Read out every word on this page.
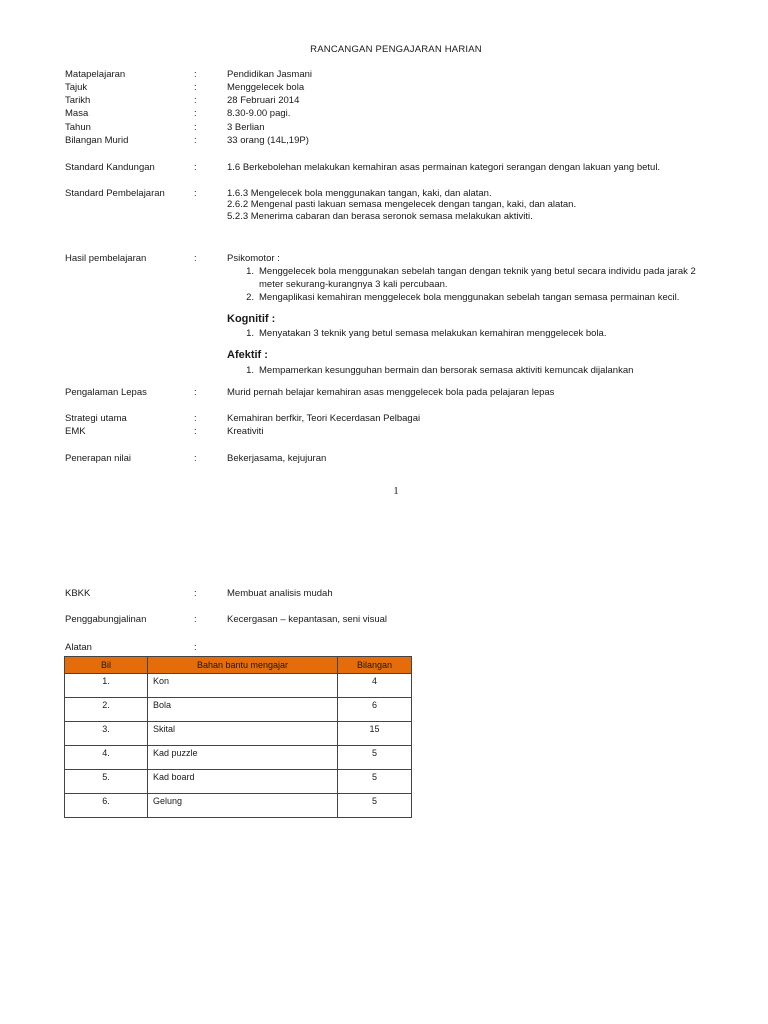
RANCANGAN PENGAJARAN HARIAN
Matapelajaran	:	Pendidikan Jasmani
Tajuk	:	Menggelecek bola
Tarikh	:	28 Februari 2014
Masa	:	8.30-9.00 pagi.
Tahun	:	3 Berlian
Bilangan Murid	:	33 orang (14L,19P)
Standard Kandungan	:	1.6 Berkebolehan melakukan kemahiran asas permainan kategori serangan dengan lakuan yang betul.
Standard Pembelajaran	:	1.6.3 Mengelecek bola menggunakan tangan, kaki, dan alatan.
2.6.2 Mengenal pasti lakuan semasa mengelecek dengan tangan, kaki, dan alatan.
5.2.3 Menerima cabaran dan berasa seronok semasa melakukan aktiviti.
Hasil pembelajaran	:	Psikomotor :
1. Menggelecek bola menggunakan sebelah tangan dengan teknik yang betul secara individu pada jarak 2
meter sekurang-kurangnya 3 kali percubaan.
2. Mengaplikasi kemahiran menggelecek bola menggunakan sebelah tangan semasa permainan kecil.
Kognitif :
1. Menyatakan 3 teknik yang betul semasa melakukan kemahiran menggelecek bola.
Afektif :
1. Mempamerkan kesungguhan bermain dan bersorak semasa aktiviti kemuncak dijalankan
Pengalaman Lepas	:	Murid pernah belajar kemahiran asas menggelecek bola pada pelajaran lepas
Strategi utama	:	Kemahiran berfkir, Teori Kecerdasan Pelbagai
EMK	:	Kreativiti
Penerapan nilai	:	Bekerjasama, kejujuran
1
KBKK	:	Membuat analisis mudah
Penggabungjalinan	:	Kecergasan – kepantasan, seni visual
Alatan	:
Bil	Bahan bantu mengajar	Bilangan
1.	Kon	4
2.	Bola	6
3.	Skital	15
4.	Kad puzzle	5
5.	Kad board	5
6.	Gelung	5
